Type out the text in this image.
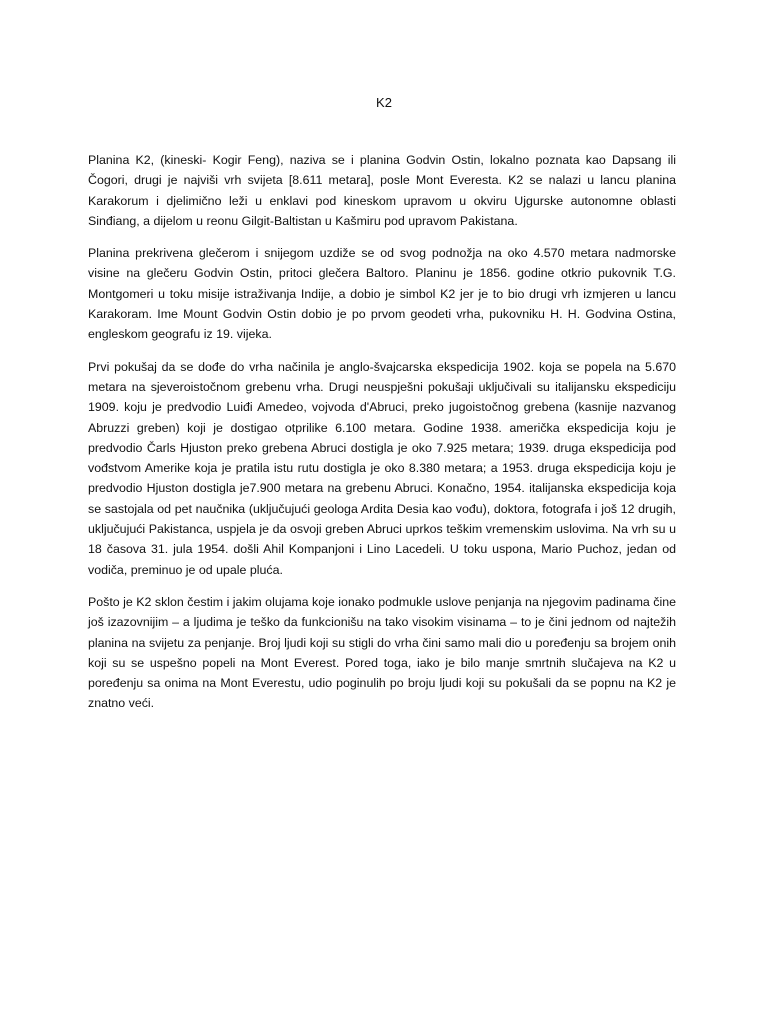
K2

Planina K2, (kineski- Kogir Feng), naziva se i planina Godvin Ostin, lokalno poznata kao Dapsang ili Čogori, drugi je najviši vrh svijeta [8.611 metara], posle Mont Everesta. K2 se nalazi u lancu planina Karakorum i djelimično leži u enklavi pod kineskom upravom u okviru Ujgurske autonomne oblasti Sinđiang, a dijelom u reonu Gilgit-Baltistan u Kašmiru pod upravom Pakistana.

Planina prekrivena glečerom i snijegom uzdiže se od svog podnožja na oko 4.570 metara nadmorske visine na glečeru Godvin Ostin, pritoci glečera Baltoro. Planinu je 1856. godine otkrio pukovnik T.G. Montgomeri u toku misije istraživanja Indije, a dobio je simbol K2 jer je to bio drugi vrh izmjeren u lancu Karakoram. Ime Mount Godvin Ostin dobio je po prvom geodeti vrha, pukovniku H. H. Godvina Ostina, engleskom geografu iz 19. vijeka.

Prvi pokušaj da se dođe do vrha načinila je anglo-švajcarska ekspedicija 1902. koja se popela na 5.670 metara na sjeveroistočnom grebenu vrha. Drugi neuspješni pokušaji uključivali su italijansku ekspediciju 1909. koju je predvodio Luiđi Amedeo, vojvoda d'Abruci, preko jugoistočnog grebena (kasnije nazvanog Abruzzi greben) koji je dostigao otprilike 6.100 metara. Godine 1938. američka ekspedicija koju je predvodio Čarls Hjuston preko grebena Abruci dostigla je oko 7.925 metara; 1939. druga ekspedicija pod vođstvom Amerike koja je pratila istu rutu dostigla je oko 8.380 metara; a 1953. druga ekspedicija koju je predvodio Hjuston dostigla je7.900 metara na grebenu Abruci. Konačno, 1954. italijanska ekspedicija koja se sastojala od pet naučnika (uključujući geologa Ardita Desia kao vođu), doktora, fotografa i još 12 drugih, uključujući Pakistanca, uspjela je da osvoji greben Abruci uprkos teškim vremenskim uslovima. Na vrh su u 18 časova 31. jula 1954. došli Ahil Kompanjoni i Lino Lacedeli. U toku uspona, Mario Puchoz, jedan od vodiča, preminuo je od upale pluća.

Pošto je K2 sklon čestim i jakim olujama koje ionako podmukle uslove penjanja na njegovim padinama čine još izazovnijim – a ljudima je teško da funkcionišu na tako visokim visinama – to je čini jednom od najtežih planina na svijetu za penjanje. Broj ljudi koji su stigli do vrha čini samo mali dio u poređenju sa brojem onih koji su se uspešno popeli na Mont Everest. Pored toga, iako je bilo manje smrtnih slučajeva na K2 u poređenju sa onima na Mont Everestu, udio poginulih po broju ljudi koji su pokušali da se popnu na K2 je znatno veći.
